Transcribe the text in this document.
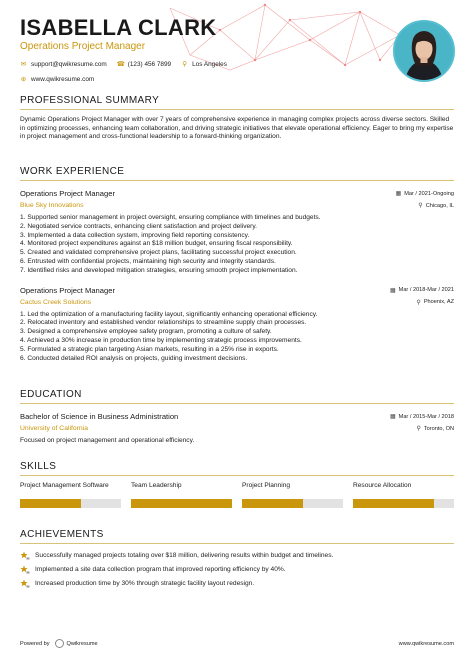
ISABELLA CLARK
Operations Project Manager
✉ support@qwikresume.com ☎ (123) 456 7899 ⚲ Los Angeles
⊕ www.qwikresume.com
PROFESSIONAL SUMMARY
Dynamic Operations Project Manager with over 7 years of comprehensive experience in managing complex projects across diverse sectors. Skilled in optimizing processes, enhancing team collaboration, and driving strategic initiatives that elevate operational efficiency. Eager to bring my expertise in project management and cross-functional leadership to a forward-thinking organization.
WORK EXPERIENCE
Operations Project Manager	▦ Mar / 2021-Ongoing
Blue Sky Innovations	⚲ Chicago, IL
1. Supported senior management in project oversight, ensuring compliance with timelines and budgets.
2. Negotiated service contracts, enhancing client satisfaction and project delivery.
3. Implemented a data collection system, improving field reporting consistency.
4. Monitored project expenditures against an $18 million budget, ensuring fiscal responsibility.
5. Created and validated comprehensive project plans, facilitating successful project execution.
6. Entrusted with confidential projects, maintaining high security and integrity standards.
7. Identified risks and developed mitigation strategies, ensuring smooth project implementation.
Operations Project Manager	▦ Mar / 2018-Mar / 2021
Cactus Creek Solutions	⚲ Phoenix, AZ
1. Led the optimization of a manufacturing facility layout, significantly enhancing operational efficiency.
2. Relocated inventory and established vendor relationships to streamline supply chain processes.
3. Designed a comprehensive employee safety program, promoting a culture of safety.
4. Achieved a 30% increase in production time by implementing strategic process improvements.
5. Formulated a strategic plan targeting Asian markets, resulting in a 25% rise in exports.
6. Conducted detailed ROI analysis on projects, guiding investment decisions.
EDUCATION
Bachelor of Science in Business Administration	▦ Mar / 2015-Mar / 2018
University of California	⚲ Toronto, ON
Focused on project management and operational efficiency.
SKILLS
Project Management Software	Team Leadership	Project Planning	Resource Allocation
ACHIEVEMENTS
Successfully managed projects totaling over $18 million, delivering results within budget and timelines.
Implemented a site data collection program that improved reporting efficiency by 40%.
Increased production time by 30% through strategic facility layout redesign.
Powered by	Qwikresume	www.qwikresume.com
